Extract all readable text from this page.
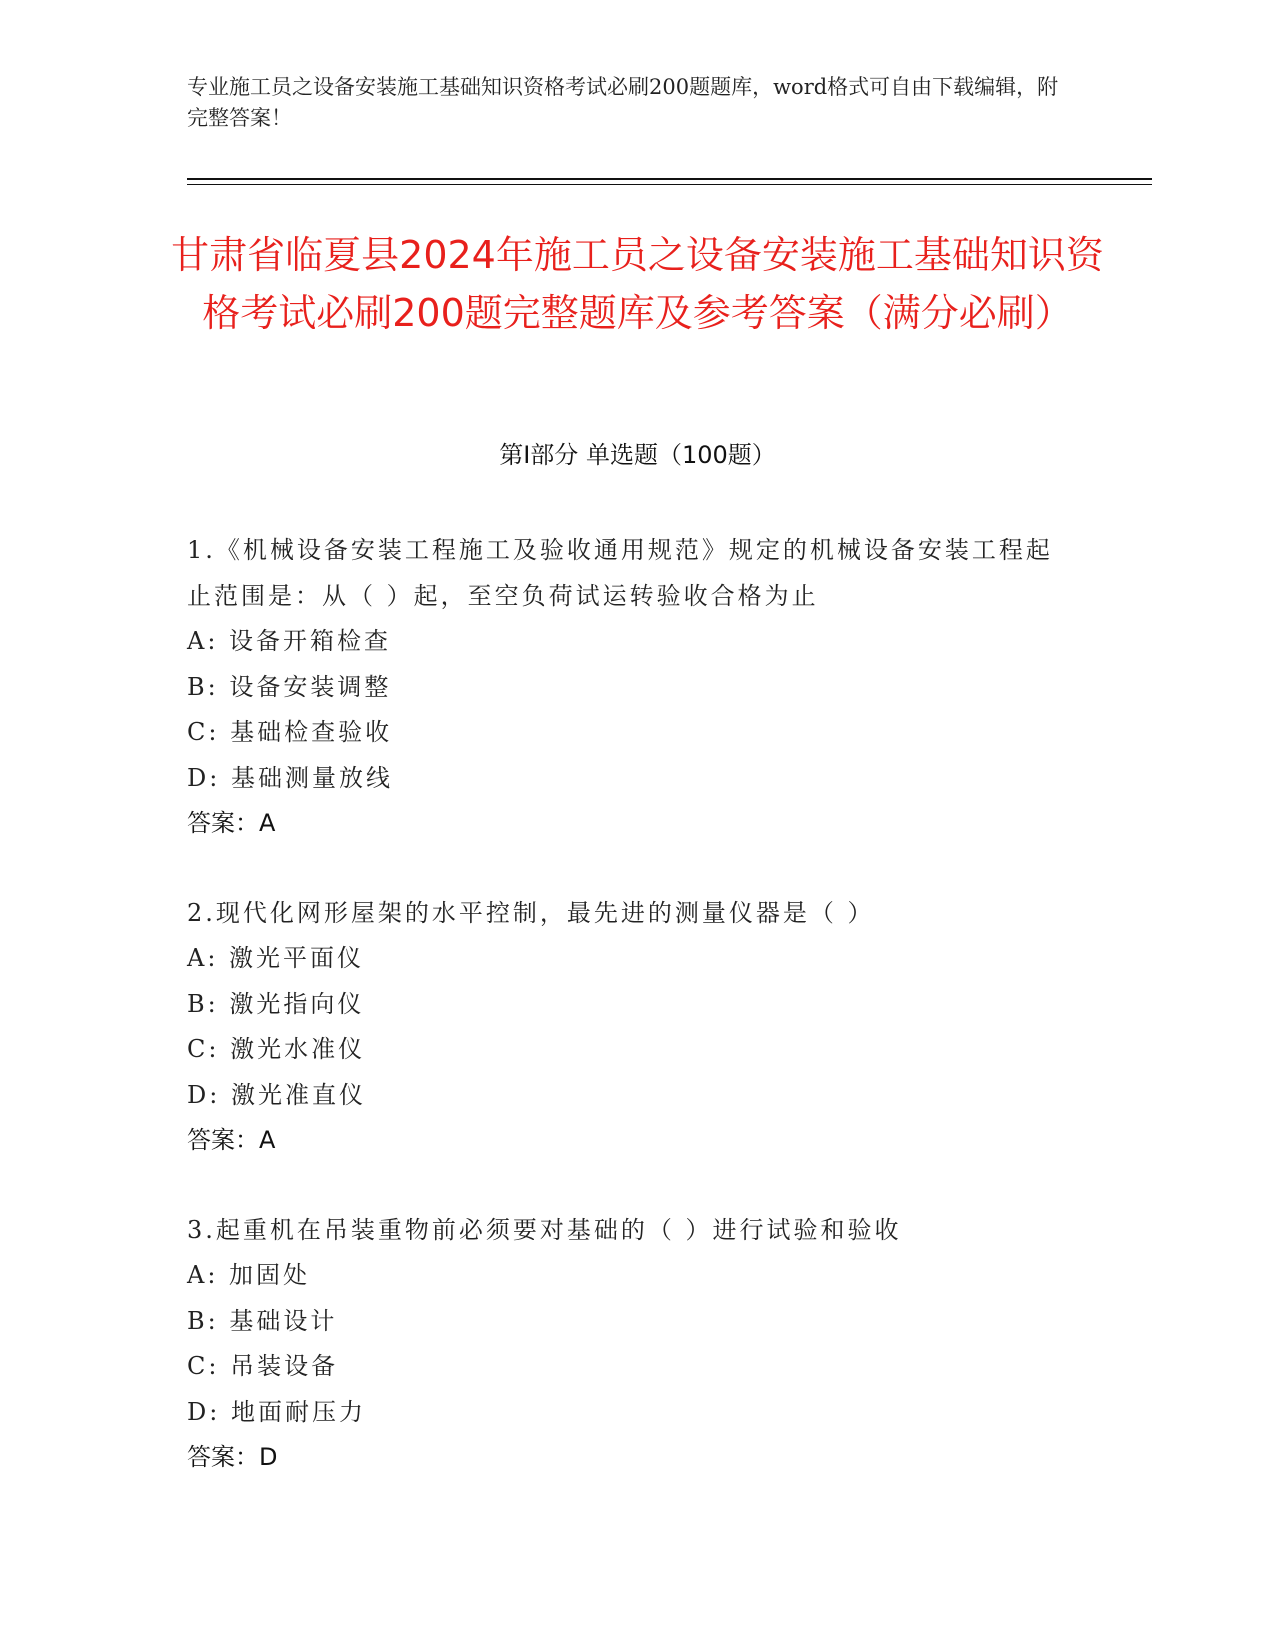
专业施工员之设备安装施工基础知识资格考试必刷200题题库，word格式可自由下载编辑，附完整答案！
甘肃省临夏县2024年施工员之设备安装施工基础知识资格考试必刷200题完整题库及参考答案（满分必刷）
第I部分 单选题（100题）
1.《机械设备安装工程施工及验收通用规范》规定的机械设备安装工程起止范围是：从（ ）起，至空负荷试运转验收合格为止
A: 设备开箱检查
B: 设备安装调整
C: 基础检查验收
D: 基础测量放线
答案：A
2.现代化网形屋架的水平控制，最先进的测量仪器是（ ）
A: 激光平面仪
B: 激光指向仪
C: 激光水准仪
D: 激光准直仪
答案：A
3.起重机在吊装重物前必须要对基础的（ ）进行试验和验收
A: 加固处
B: 基础设计
C: 吊装设备
D: 地面耐压力
答案：D
